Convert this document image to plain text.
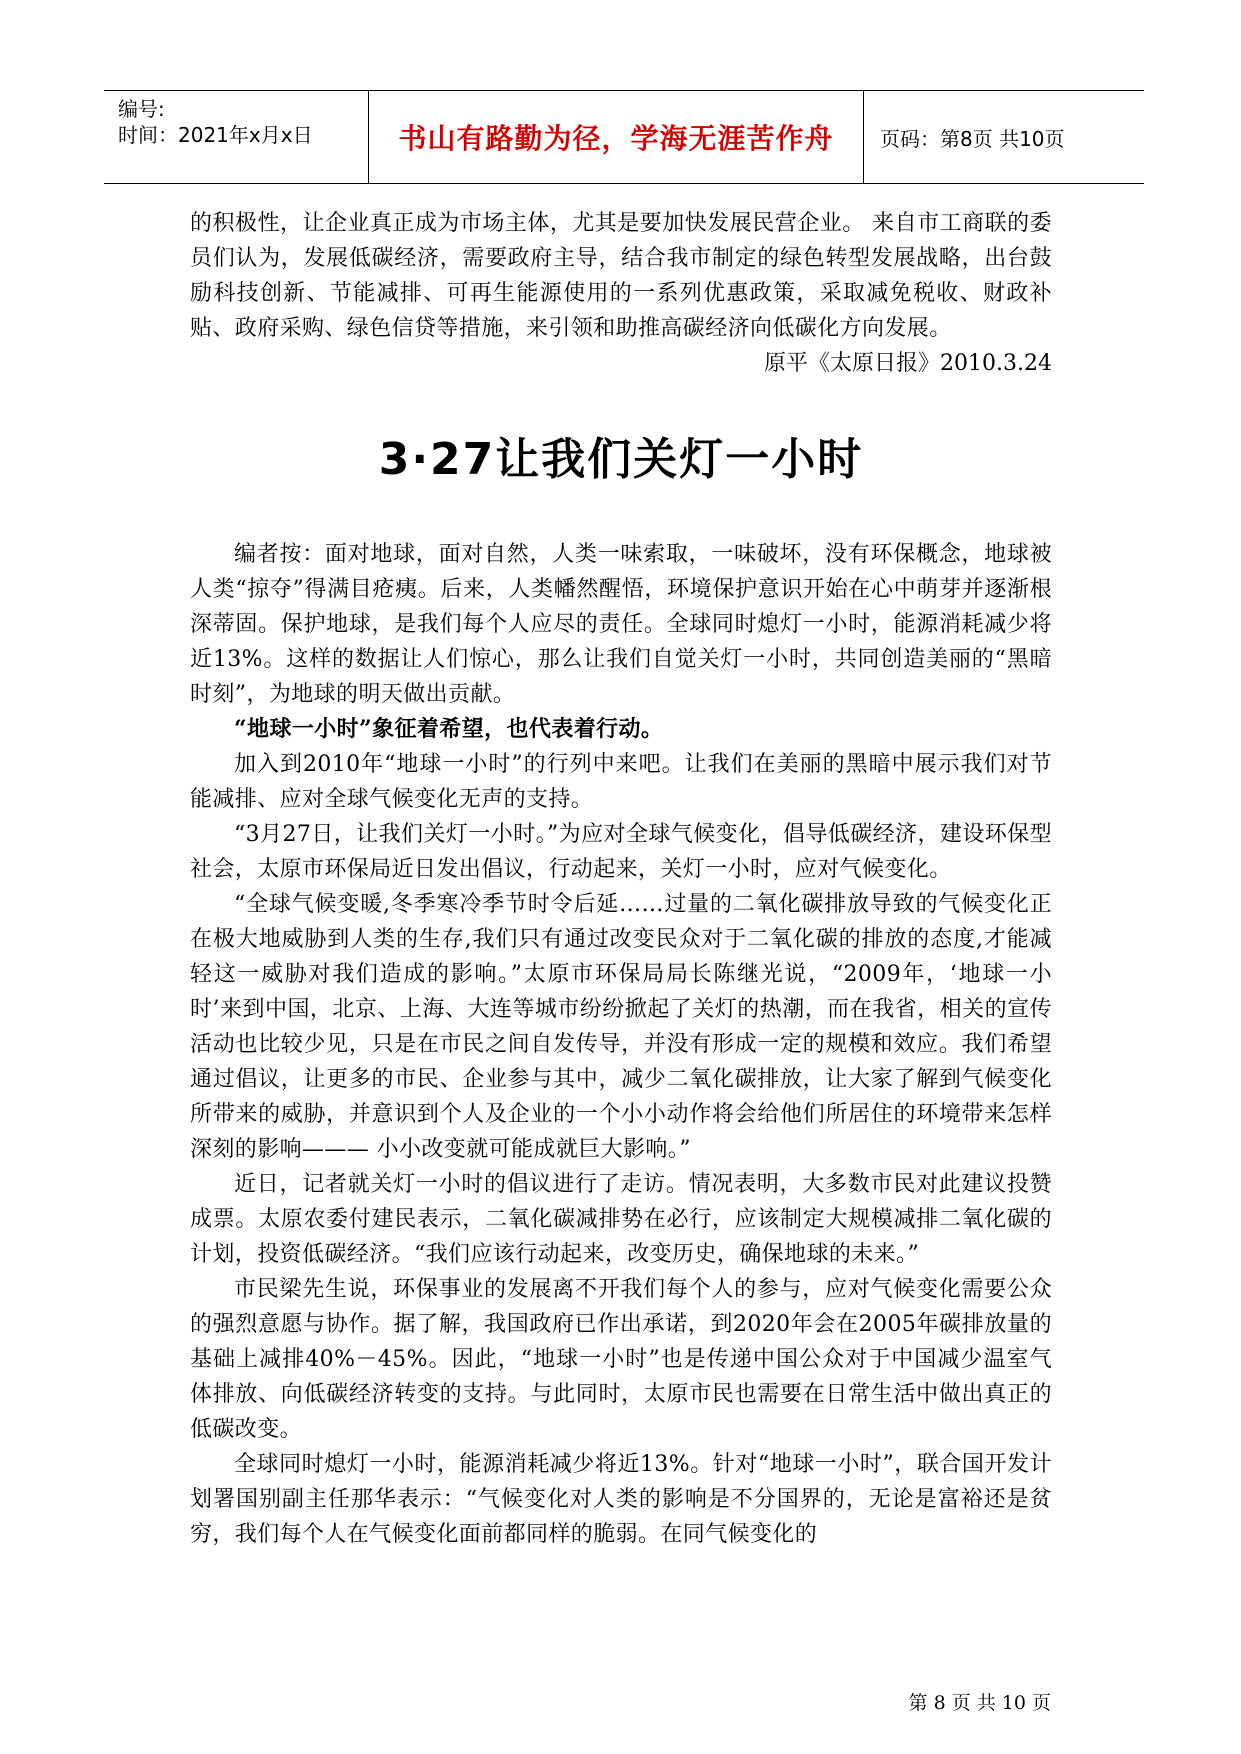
编号:
时间：2021年x月x日	书山有路勤为径，学海无涯苦作舟 页码：第8页 共10页

的积极性，让企业真正成为市场主体，尤其是要加快发展民营企业。 来自市工商联的委员们认为，发展低碳经济，需要政府主导，结合我市制定的绿色转型发展战略，出台鼓励科技创新、节能减排、可再生能源使用的一系列优惠政策，采取减免税收、财政补贴、政府采购、绿色信贷等措施，来引领和助推高碳经济向低碳化方向发展。

原平《太原日报》2010.3.24

3·27让我们关灯一小时

编者按：面对地球，面对自然，人类一味索取，一味破坏，没有环保概念，地球被人类“掠夺”得满目疮痍。后来，人类幡然醒悟，环境保护意识开始在心中萌芽并逐渐根深蒂固。保护地球，是我们每个人应尽的责任。全球同时熄灯一小时，能源消耗减少将近13%。这样的数据让人们惊心，那么让我们自觉关灯一小时，共同创造美丽的“黑暗时刻”，为地球的明天做出贡献。

“地球一小时”象征着希望，也代表着行动。

加入到2010年“地球一小时”的行列中来吧。让我们在美丽的黑暗中展示我们对节能减排、应对全球气候变化无声的支持。

“3月27日，让我们关灯一小时。”为应对全球气候变化，倡导低碳经济，建设环保型社会，太原市环保局近日发出倡议，行动起来，关灯一小时，应对气候变化。

“全球气候变暖,冬季寒冷季节时令后延……过量的二氧化碳排放导致的气候变化正在极大地威胁到人类的生存,我们只有通过改变民众对于二氧化碳的排放的态度,才能减轻这一威胁对我们造成的影响。”太原市环保局局长陈继光说，“2009年，‘地球一小时’来到中国，北京、上海、大连等城市纷纷掀起了关灯的热潮，而在我省，相关的宣传活动也比较少见，只是在市民之间自发传导，并没有形成一定的规模和效应。我们希望通过倡议，让更多的市民、企业参与其中，减少二氧化碳排放，让大家了解到气候变化所带来的威胁，并意识到个人及企业的一个小小动作将会给他们所居住的环境带来怎样深刻的影响——— 小小改变就可能成就巨大影响。”

近日，记者就关灯一小时的倡议进行了走访。情况表明，大多数市民对此建议投赞成票。太原农委付建民表示，二氧化碳减排势在必行，应该制定大规模减排二氧化碳的计划，投资低碳经济。“我们应该行动起来，改变历史，确保地球的未来。”

市民梁先生说，环保事业的发展离不开我们每个人的参与，应对气候变化需要公众的强烈意愿与协作。据了解，我国政府已作出承诺，到2020年会在2005年碳排放量的基础上减排40%－45%。因此，“地球一小时”也是传递中国公众对于中国减少温室气体排放、向低碳经济转变的支持。与此同时，太原市民也需要在日常生活中做出真正的低碳改变。

全球同时熄灯一小时，能源消耗减少将近13%。针对“地球一小时”，联合国开发计划署国别副主任那华表示：“气候变化对人类的影响是不分国界的，无论是富裕还是贫穷，我们每个人在气候变化面前都同样的脆弱。在同气候变化的

第 8 页 共 10 页
